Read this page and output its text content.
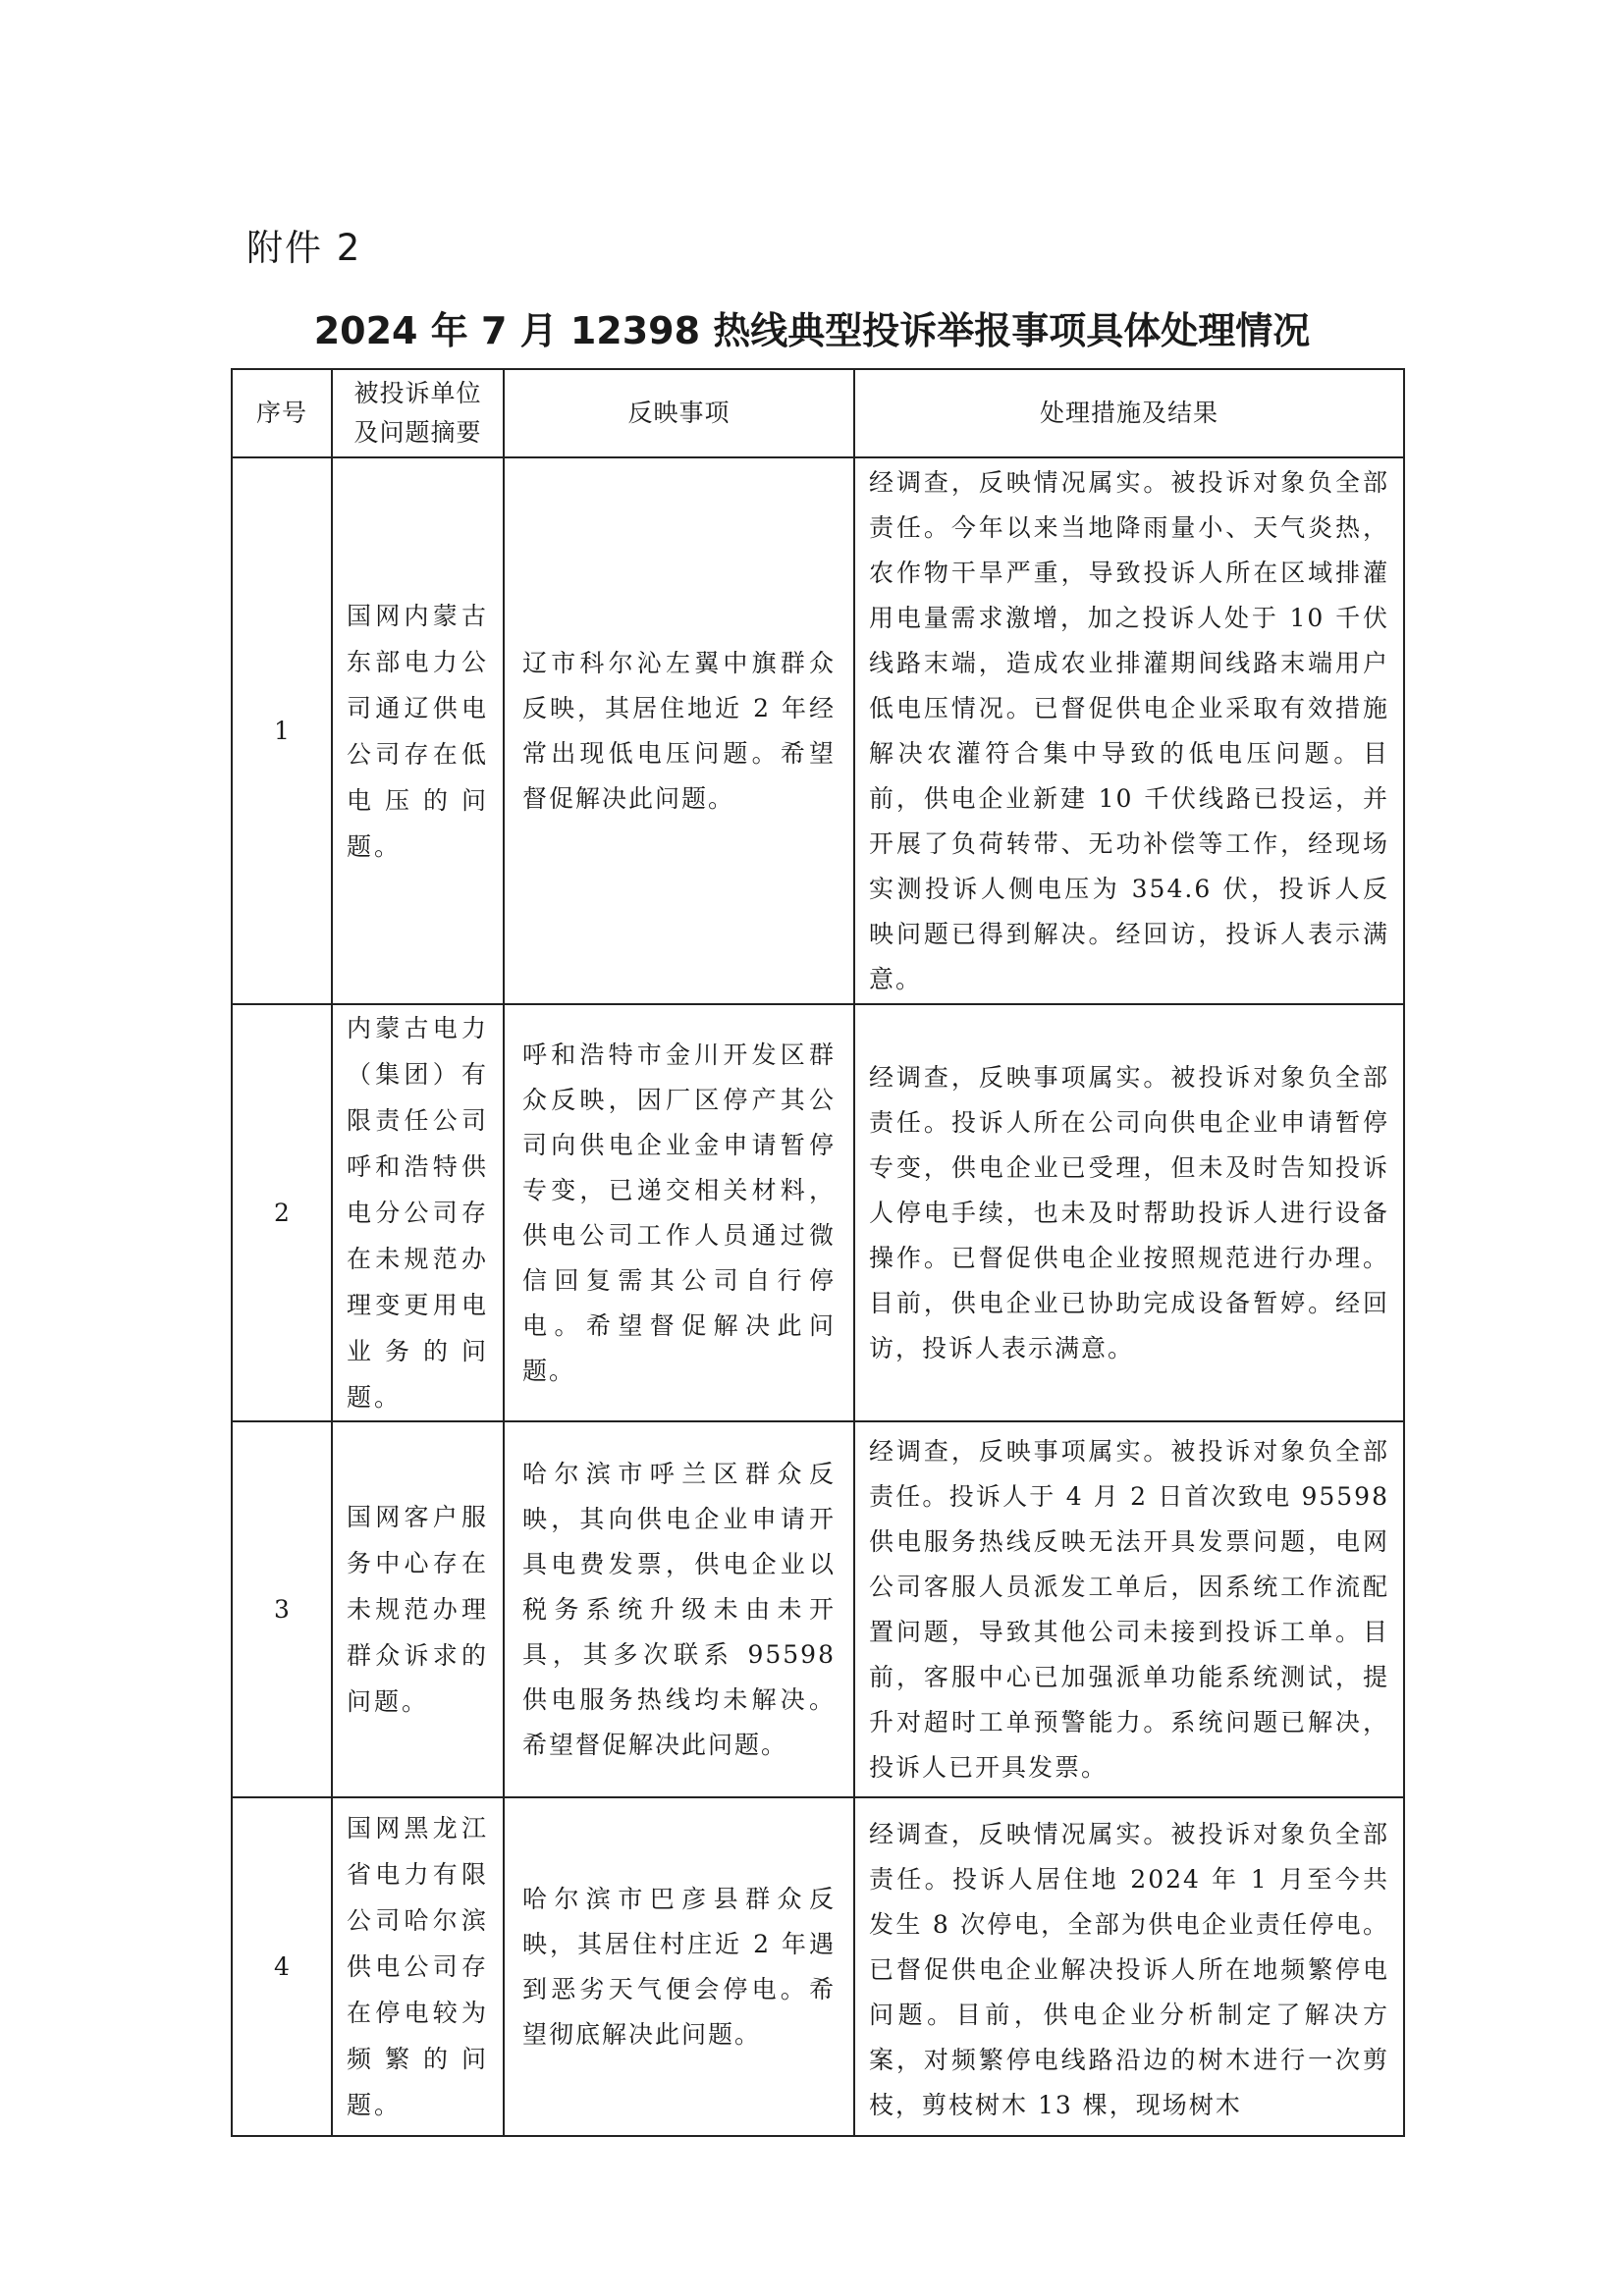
附件 2
2024 年 7 月 12398 热线典型投诉举报事项具体处理情况
序号	被投诉单位及问题摘要	反映事项	处理措施及结果
1	国网内蒙古东部电力公司通辽供电公司存在低电压的问题。	辽市科尔沁左翼中旗群众反映，其居住地近 2 年经常出现低电压问题。希望督促解决此问题。	经调查，反映情况属实。被投诉对象负全部责任。今年以来当地降雨量小、天气炎热，农作物干旱严重，导致投诉人所在区域排灌用电量需求激增，加之投诉人处于 10 千伏线路末端，造成农业排灌期间线路末端用户低电压情况。已督促供电企业采取有效措施解决农灌符合集中导致的低电压问题。目前，供电企业新建 10 千伏线路已投运，并开展了负荷转带、无功补偿等工作，经现场实测投诉人侧电压为 354.6 伏，投诉人反映问题已得到解决。经回访，投诉人表示满意。
2	内蒙古电力（集团）有限责任公司呼和浩特供电分公司存在未规范办理变更用电业务的问题。	呼和浩特市金川开发区群众反映，因厂区停产其公司向供电企业金申请暂停专变，已递交相关材料，供电公司工作人员通过微信回复需其公司自行停电。希望督促解决此问题。	经调查，反映事项属实。被投诉对象负全部责任。投诉人所在公司向供电企业申请暂停专变，供电企业已受理，但未及时告知投诉人停电手续，也未及时帮助投诉人进行设备操作。已督促供电企业按照规范进行办理。目前，供电企业已协助完成设备暂婷。经回访，投诉人表示满意。
3	国网客户服务中心存在未规范办理群众诉求的问题。	哈尔滨市呼兰区群众反映，其向供电企业申请开具电费发票，供电企业以税务系统升级未由未开具，其多次联系 95598 供电服务热线均未解决。希望督促解决此问题。	经调查，反映事项属实。被投诉对象负全部责任。投诉人于 4 月 2 日首次致电 95598 供电服务热线反映无法开具发票问题，电网公司客服人员派发工单后，因系统工作流配置问题，导致其他公司未接到投诉工单。目前，客服中心已加强派单功能系统测试，提升对超时工单预警能力。系统问题已解决，投诉人已开具发票。
4	国网黑龙江省电力有限公司哈尔滨供电公司存在停电较为频繁的问题。	哈尔滨市巴彦县群众反映，其居住村庄近 2 年遇到恶劣天气便会停电。希望彻底解决此问题。	经调查，反映情况属实。被投诉对象负全部责任。投诉人居住地 2024 年 1 月至今共发生 8 次停电，全部为供电企业责任停电。已督促供电企业解决投诉人所在地频繁停电问题。目前，供电企业分析制定了解决方案，对频繁停电线路沿边的树木进行一次剪枝，剪枝树木 13 棵，现场树木
